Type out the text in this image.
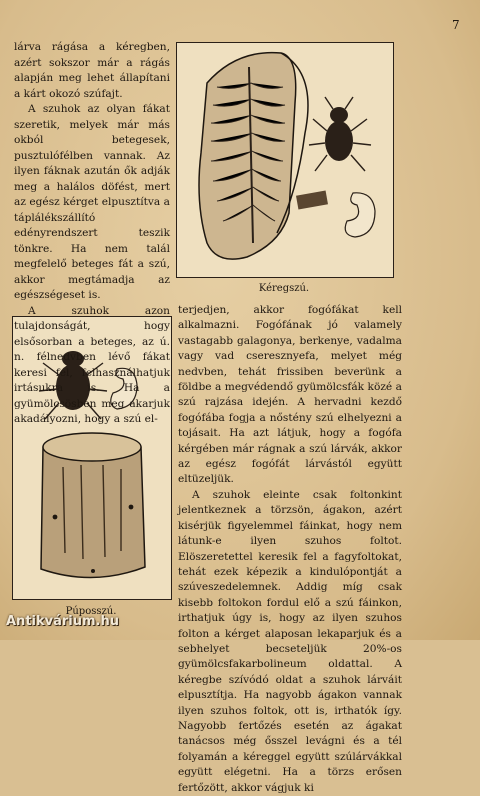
7
Kéregszú.
Púposszú.

lárva rágása a kéregben, azért sokszor már a rágás alapján meg lehet állapítani a kárt okozó szúfajt.

A szuhok az olyan fákat szeretik, melyek már más okból betegesek, pusztulófélben vannak. Az ilyen fáknak azután ők adják meg a halálos döfést, mert az egész kérget elpusztítva a táplálékszállító edényrendszert teszik tönkre. Ha nem talál megfelelő beteges fát a szú, akkor megtámadja az egészségeset is.

A szuhok azon tulajdonságát, hogy elsősorban a beteges, az ú. n. félnedvben lévő fákat keresi fel, felhasználhatjuk irtásukra is. Ha a gyümölcsösben meg akarjuk akadályozni, hogy a szú el-

terjedjen, akkor fogófákat kell alkalmazni. Fogófának jó valamely vastagabb galagonya, berkenye, vadalma vagy vad cseresznyefa, melyet még nedvben, tehát frissiben beverünk a földbe a megvédendő gyümölcsfák közé a szú rajzása idején. A hervadni kezdő fogófába fogja a nőstény szú elhelyezni a tojásait. Ha azt látjuk, hogy a fogófa kérgében már rágnak a szú lárvák, akkor az egész fogófát lárvástól együtt eltüzeljük.

A szuhok eleinte csak foltonkint jelentkeznek a törzsön, ágakon, azért kisérjük figyelemmel fáinkat, hogy nem látunk-e ilyen szuhos foltot. Elöszeretettel keresik fel a fagyfoltokat, tehát ezek képezik a kindulópontját a szúveszedelemnek. Addig míg csak kisebb foltokon fordul elő a szú fáinkon, irthatjuk úgy is, hogy az ilyen szuhos folton a kérget alaposan lekaparjuk és a sebhelyet becseteljük 20%-os gyümölcsfakarbolineum oldattal. A kéregbe szívódó oldat a szuhok lárváit elpusztítja. Ha nagyobb ágakon vannak ilyen szuhos foltok, ott is, irthatók így. Nagyobb fertőzés esetén az ágakat tanácsos még ősszel levágni és a tél folyamán a kéreggel együtt szúlárvákkal együtt elégetni. Ha a törzs erősen fertőzött, akkor vágjuk ki

Antikvárium.hu
